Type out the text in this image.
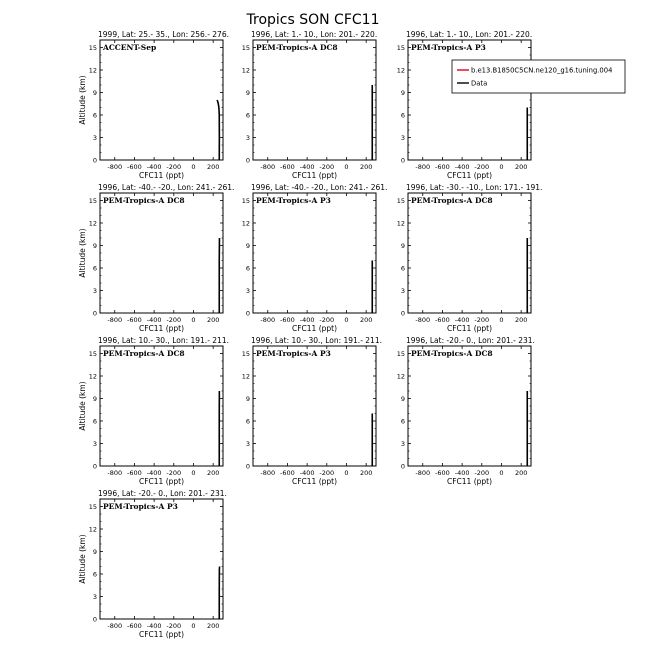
Tropics SON CFC11
1999, Lat: 25.- 35., Lon: 256.- 276.
ACCENT-Sep
-800 -600 -400 -200 0 200
0
3
6
9
12
15
CFC11 (ppt)
Altitude (km)
1996, Lat: 1.- 10., Lon: 201.- 220.
PEM-Tropics-A DC8
-800 -600 -400 -200 0 200
0
3
6
9
12
15
CFC11 (ppt)
1996, Lat: 1.- 10., Lon: 201.- 220.
PEM-Tropics-A P3
-800 -600 -400 -200 0 200
0
3
6
9
12
15
CFC11 (ppt)
1996, Lat: -40.- -20., Lon: 241.- 261.
PEM-Tropics-A DC8
-800 -600 -400 -200 0 200
0
3
6
9
12
15
CFC11 (ppt)
Altitude (km)
1996, Lat: -40.- -20., Lon: 241.- 261.
PEM-Tropics-A P3
-800 -600 -400 -200 0 200
0
3
6
9
12
15
CFC11 (ppt)
1996, Lat: -30.- -10., Lon: 171.- 191.
PEM-Tropics-A DC8
-800 -600 -400 -200 0 200
0
3
6
9
12
15
CFC11 (ppt)
1996, Lat: 10.- 30., Lon: 191.- 211.
PEM-Tropics-A DC8
-800 -600 -400 -200 0 200
0
3
6
9
12
15
CFC11 (ppt)
Altitude (km)
1996, Lat: 10.- 30., Lon: 191.- 211.
PEM-Tropics-A P3
-800 -600 -400 -200 0 200
0
3
6
9
12
15
CFC11 (ppt)
1996, Lat: -20.- 0., Lon: 201.- 231.
PEM-Tropics-A DC8
-800 -600 -400 -200 0 200
0
3
6
9
12
15
CFC11 (ppt)
1996, Lat: -20.- 0., Lon: 201.- 231.
PEM-Tropics-A P3
-800 -600 -400 -200 0 200
0
3
6
9
12
15
CFC11 (ppt)
Altitude (km)
b.e13.B1850C5CN.ne120_g16.tuning.004
Data
